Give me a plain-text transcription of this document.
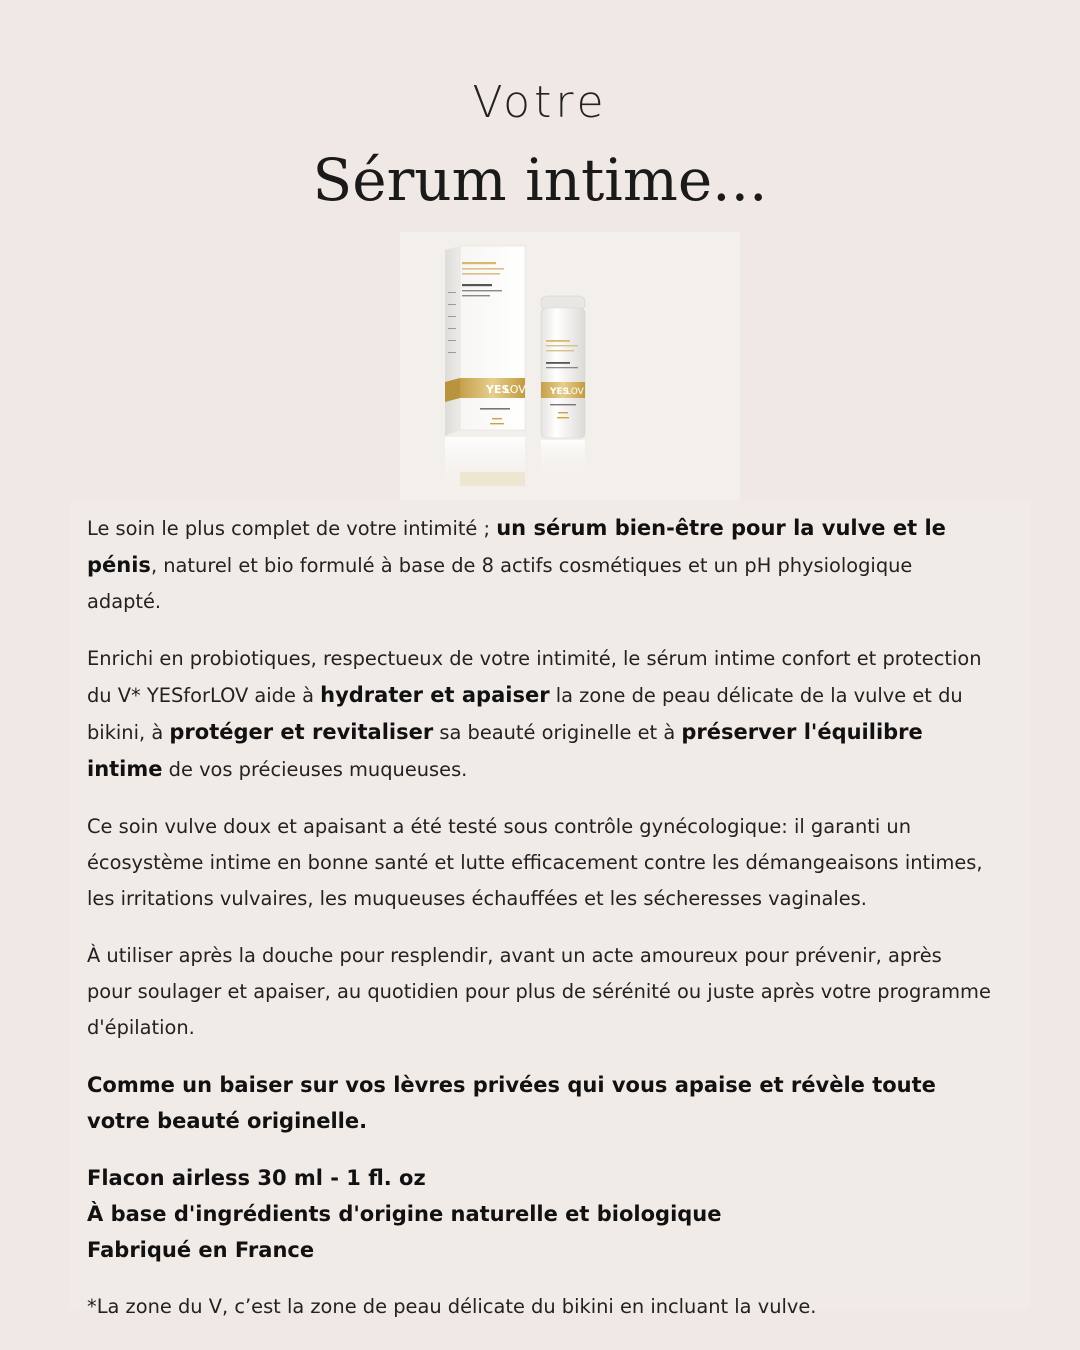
Votre
Sérum intime...
YES
LOV	YES
LOV

Le soin le plus complet de votre intimité ; un sérum bien-être pour la vulve et le pénis, naturel et bio formulé à base de 8 actifs cosmétiques et un pH physiologique adapté.

Enrichi en probiotiques, respectueux de votre intimité, le sérum intime confort et protection du V* YESforLOV aide à hydrater et apaiser la zone de peau délicate de la vulve et du bikini, à protéger et revitaliser sa beauté originelle et à préserver l'équilibre intime de vos précieuses muqueuses.

Ce soin vulve doux et apaisant a été testé sous contrôle gynécologique: il garanti un écosystème intime en bonne santé et lutte efficacement contre les démangeaisons intimes, les irritations vulvaires, les muqueuses échauffées et les sécheresses vaginales.

À utiliser après la douche pour resplendir, avant un acte amoureux pour prévenir, après pour soulager et apaiser, au quotidien pour plus de sérénité ou juste après votre programme d'épilation.

Comme un baiser sur vos lèvres privées qui vous apaise et révèle toute votre beauté originelle.

Flacon airless 30 ml - 1 fl. oz
À base d'ingrédients d'origine naturelle et biologique
Fabriqué en France

*La zone du V, c’est la zone de peau délicate du bikini en incluant la vulve.
